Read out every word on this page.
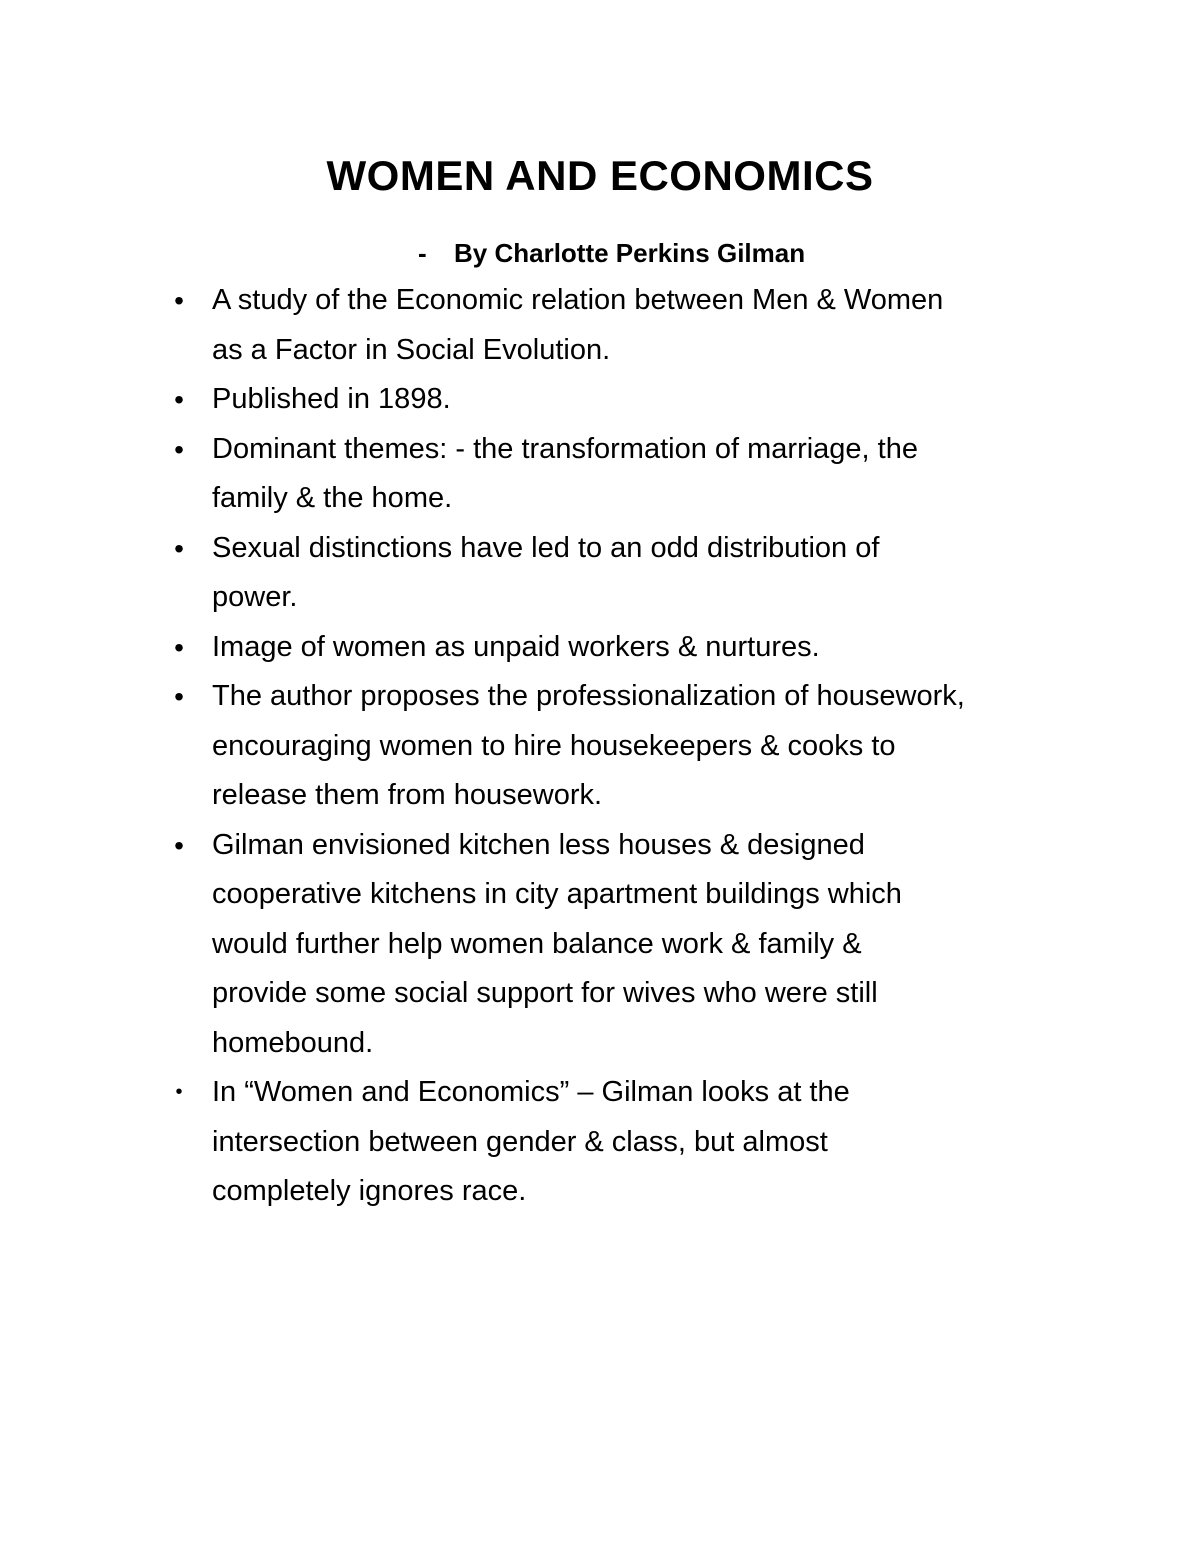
WOMEN AND ECONOMICS
- By Charlotte Perkins Gilman
• A study of the Economic relation between Men & Women
as a Factor in Social Evolution.
• Published in 1898.
• Dominant themes: - the transformation of marriage, the
family & the home.
• Sexual distinctions have led to an odd distribution of
power.
• Image of women as unpaid workers & nurtures.
• The author proposes the professionalization of housework,
encouraging women to hire housekeepers & cooks to
release them from housework.
• Gilman envisioned kitchen less houses & designed
cooperative kitchens in city apartment buildings which
would further help women balance work & family &
provide some social support for wives who were still
homebound.
• In “Women and Economics” – Gilman looks at the
intersection between gender & class, but almost
completely ignores race.
